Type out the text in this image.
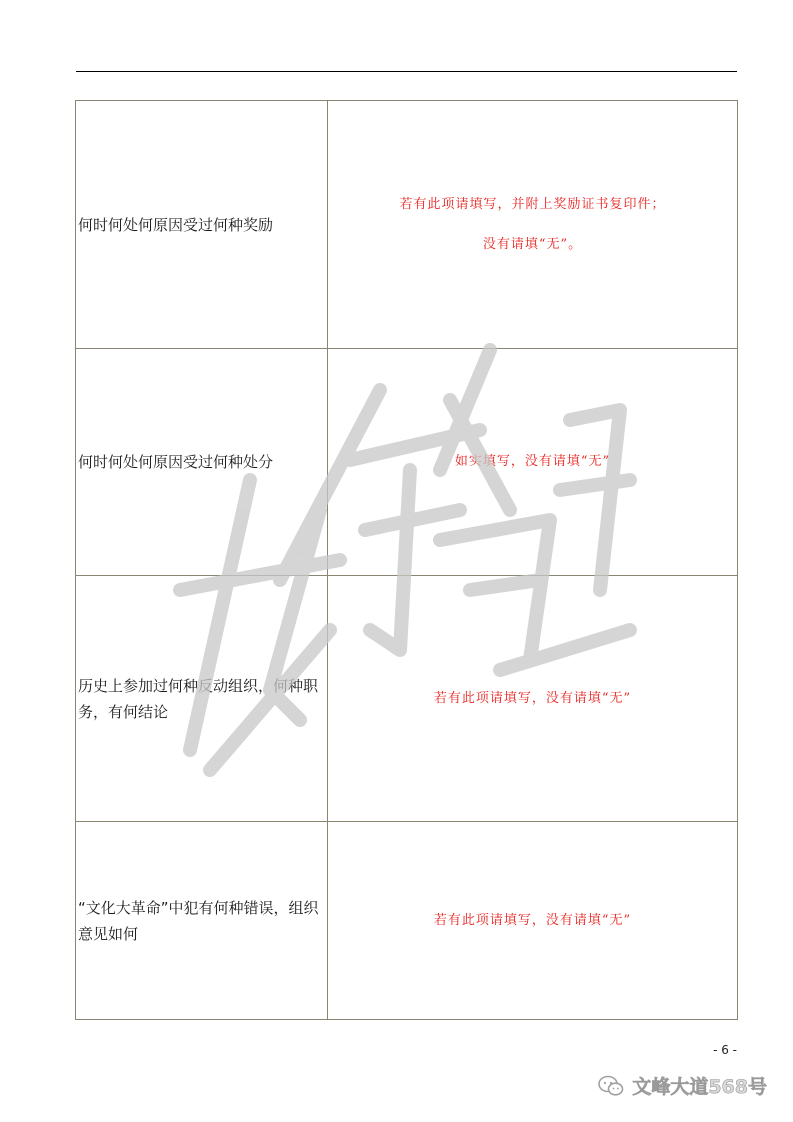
何时何处何原因受过何种奖励	若有此项请填写，并附上奖励证书复印件；
没有请填“无”。

何时何处何原因受过何种处分	如实填写，没有请填“无”

历史上参加过何种反动组织，何种职务，有何结论	若有此项请填写，没有请填“无”

“文化大革命”中犯有何种错误，组织意见如何	若有此项请填写，没有请填“无”
- 6 -
文峰大道568号
